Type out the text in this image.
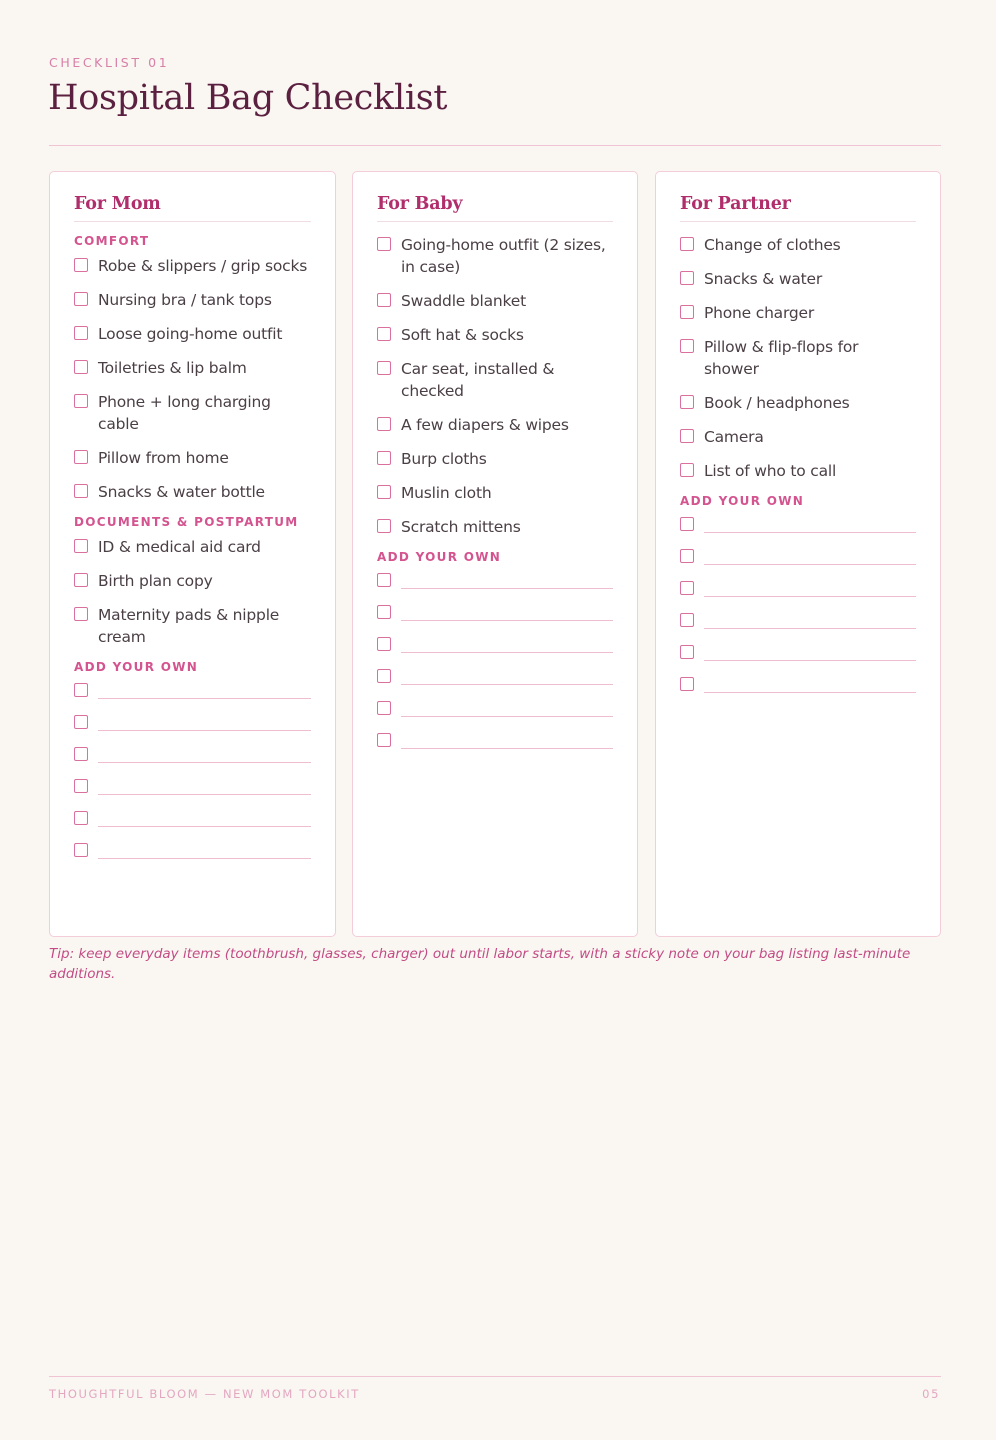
CHECKLIST 01
Hospital Bag Checklist
For Mom
COMFORT
Robe & slippers / grip socks
Nursing bra / tank tops
Loose going-home outfit
Toiletries & lip balm
Phone + long charging cable
Pillow from home
Snacks & water bottle
DOCUMENTS & POSTPARTUM
ID & medical aid card
Birth plan copy
Maternity pads & nipple cream
ADD YOUR OWN
For Baby
Going-home outfit (2 sizes, in case)
Swaddle blanket
Soft hat & socks
Car seat, installed & checked
A few diapers & wipes
Burp cloths
Muslin cloth
Scratch mittens
ADD YOUR OWN
For Partner
Change of clothes
Snacks & water
Phone charger
Pillow & flip-flops for shower
Book / headphones
Camera
List of who to call
ADD YOUR OWN

Tip: keep everyday items (toothbrush, glasses, charger) out until labor starts, with a sticky note on your bag listing last-minute additions.

THOUGHTFUL BLOOM — NEW MOM TOOLKIT	05
